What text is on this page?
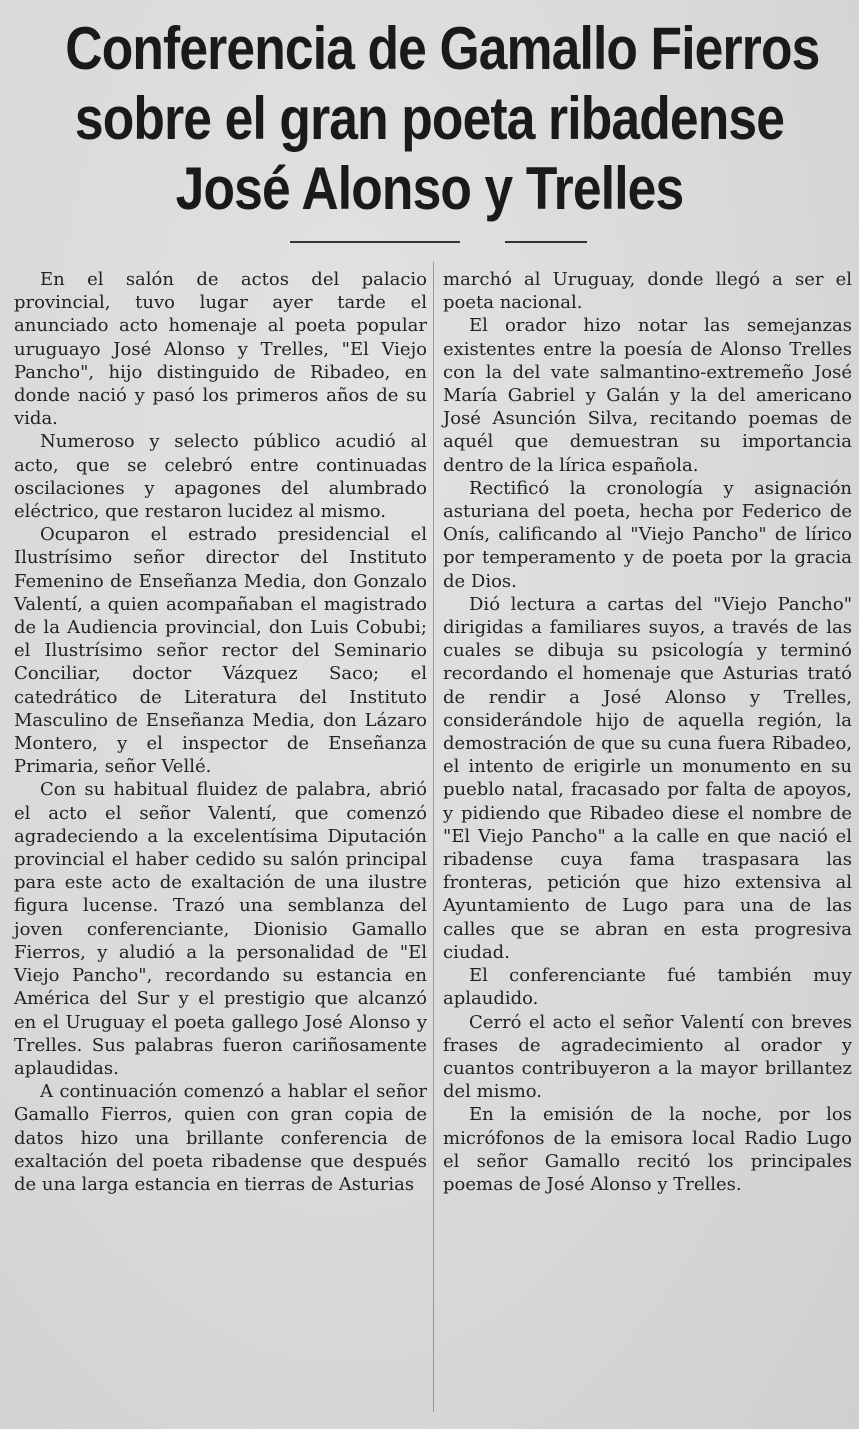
Conferencia de Gamallo Fierros
sobre el gran poeta ribadense
José Alonso y Trelles

En el salón de actos del palacio provincial, tuvo lugar ayer tarde el anunciado acto homenaje al poeta popular uruguayo José Alonso y Trelles, "El Viejo Pancho", hijo distinguido de Ribadeo, en donde nació y pasó los primeros años de su vida.

Numeroso y selecto público acudió al acto, que se celebró entre continuadas oscilaciones y apagones del alumbrado eléctrico, que restaron lucidez al mismo.

Ocuparon el estrado presidencial el Ilustrísimo señor director del Instituto Femenino de Enseñanza Media, don Gonzalo Valentí, a quien acompañaban el magistrado de la Audiencia provincial, don Luis Cobubi; el Ilustrísimo señor rector del Seminario Conciliar, doctor Vázquez Saco; el catedrático de Literatura del Instituto Masculino de Enseñanza Media, don Lázaro Montero, y el inspector de Enseñanza Primaria, señor Vellé.

Con su habitual fluidez de palabra, abrió el acto el señor Valentí, que comenzó agradeciendo a la excelentísima Diputación provincial el haber cedido su salón principal para este acto de exaltación de una ilustre figura lucense. Trazó una semblanza del joven conferenciante, Dionisio Gamallo Fierros, y aludió a la personalidad de "El Viejo Pancho", recordando su estancia en América del Sur y el prestigio que alcanzó en el Uruguay el poeta gallego José Alonso y Trelles. Sus palabras fueron cariñosamente aplaudidas.

A continuación comenzó a hablar el señor Gamallo Fierros, quien con gran copia de datos hizo una brillante conferencia de exaltación del poeta ribadense que después de una larga estancia en tierras de Asturias

marchó al Uruguay, donde llegó a ser el poeta nacional.

El orador hizo notar las semejanzas existentes entre la poesía de Alonso Trelles con la del vate salmantino-extremeño José María Gabriel y Galán y la del americano José Asunción Silva, recitando poemas de aquél que demuestran su importancia dentro de la lírica española.

Rectificó la cronología y asignación asturiana del poeta, hecha por Federico de Onís, calificando al "Viejo Pancho" de lírico por temperamento y de poeta por la gracia de Dios.

Dió lectura a cartas del "Viejo Pancho" dirigidas a familiares suyos, a través de las cuales se dibuja su psicología y terminó recordando el homenaje que Asturias trató de rendir a José Alonso y Trelles, considerándole hijo de aquella región, la demostración de que su cuna fuera Ribadeo, el intento de erigirle un monumento en su pueblo natal, fracasado por falta de apoyos, y pidiendo que Ribadeo diese el nombre de "El Viejo Pancho" a la calle en que nació el ribadense cuya fama traspasara las fronteras, petición que hizo extensiva al Ayuntamiento de Lugo para una de las calles que se abran en esta progresiva ciudad.

El conferenciante fué también muy aplaudido.

Cerró el acto el señor Valentí con breves frases de agradecimiento al orador y cuantos contribuyeron a la mayor brillantez del mismo.

En la emisión de la noche, por los micrófonos de la emisora local Radio Lugo el señor Gamallo recitó los principales poemas de José Alonso y Trelles.
